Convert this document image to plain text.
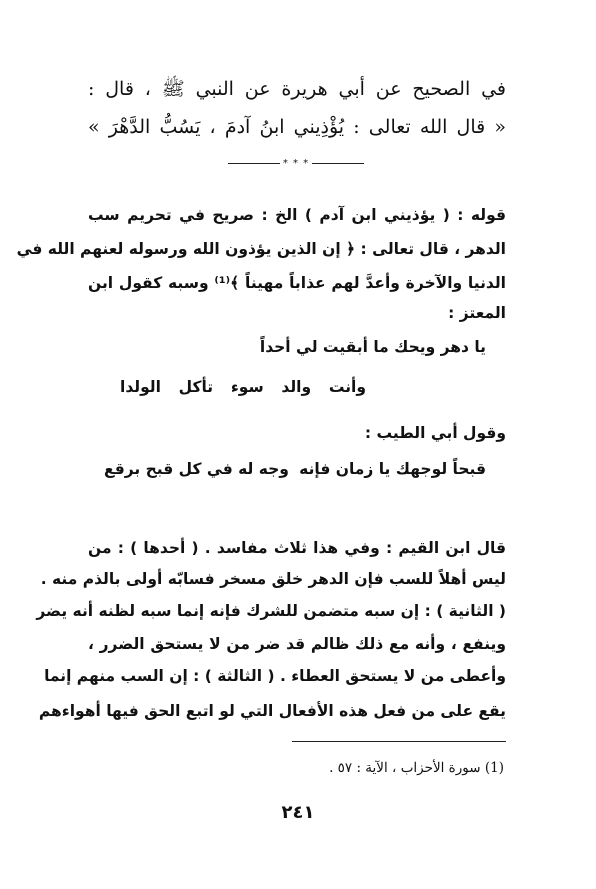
في الصحيح عن أبي هريرة عن النبي ﷺ ، قال :
« قال الله تعالى : يُؤْذِيني ابنُ آدمَ ، يَسُبُّ الدَّهْرَ »
* * *
قوله : ( يؤذيني ابن آدم ) الخ : صريح في تحريم سب
الدهر ، قال تعالى : ﴿ إن الذين يؤذون الله ورسوله لعنهم الله في
الدنيا والآخرة وأعدَّ لهم عذاباً مهيناً ﴾⁽¹⁾ وسبه كقول ابن
المعتز :
يا دهر ويحك ما أبقيت لي أحداً
وأنت والد سوء تأكل الولدا
وقول أبي الطيب :
قبحاً لوجهك يا زمان فإنه
وجه له في كل قبح برقع
قال ابن القيم : وفي هذا ثلاث مفاسد . ( أحدها ) : من
ليس أهلاً للسب فإن الدهر خلق مسخر فسابّه أولى بالذم منه .
( الثانية ) : إن سبه متضمن للشرك فإنه إنما سبه لظنه أنه يضر
وينفع ، وأنه مع ذلك ظالم قد ضر من لا يستحق الضرر ،
وأعطى من لا يستحق العطاء . ( الثالثة ) : إن السب منهم إنما
يقع على من فعل هذه الأفعال التي لو اتبع الحق فيها أهواءهم
(1) سورة الأحزاب ، الآية : ٥٧ .
٢٤١
